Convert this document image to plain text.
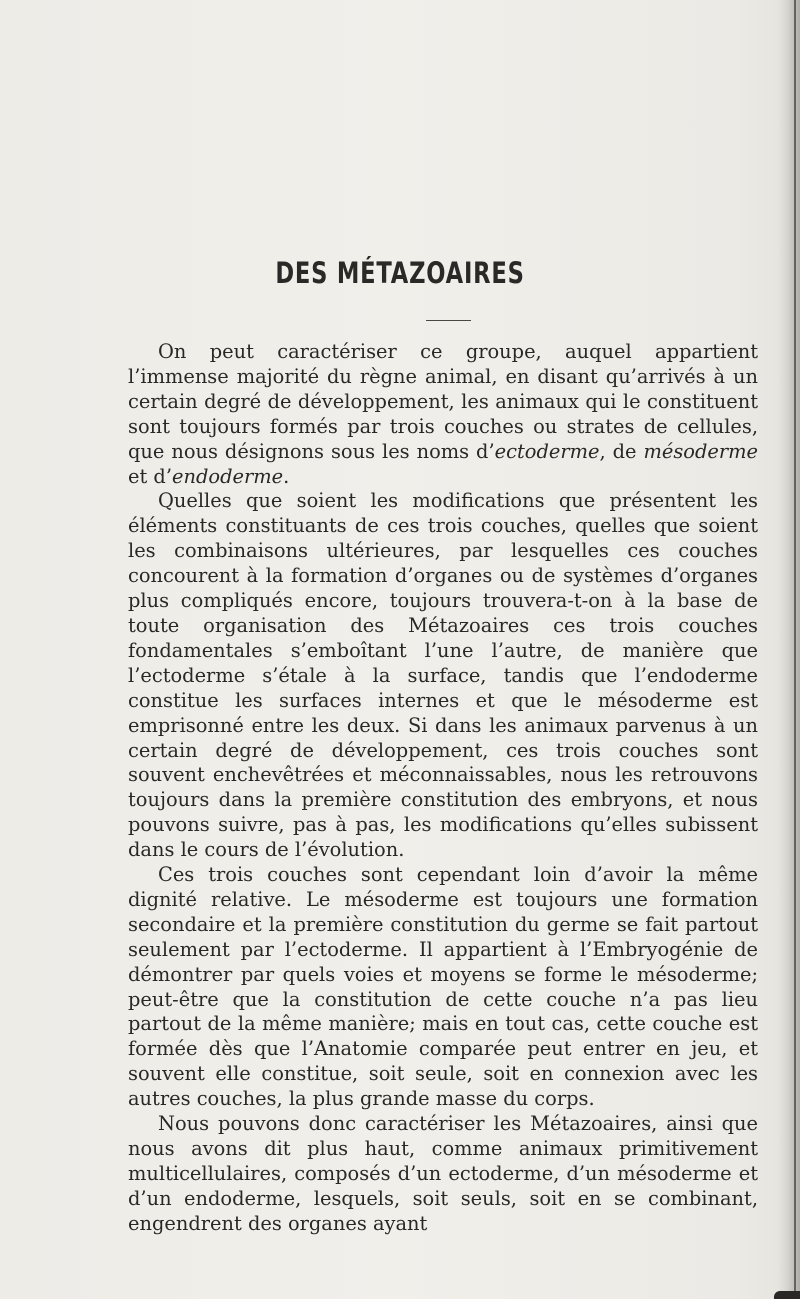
DES MÉTAZOAIRES

On peut caractériser ce groupe, auquel appartient l’immense majorité du règne animal, en disant qu’arrivés à un certain degré de développement, les animaux qui le constituent sont toujours formés par trois couches ou strates de cellules, que nous désignons sous les noms d’ectoderme, de mésoderme et d’endoderme.

Quelles que soient les modifications que présentent les éléments constituants de ces trois couches, quelles que soient les combinaisons ultérieures, par lesquelles ces couches concourent à la formation d’organes ou de systèmes d’organes plus compliqués encore, toujours trouvera-t-on à la base de toute organisation des Métazoaires ces trois couches fondamentales s’emboîtant l’une l’autre, de manière que l’ectoderme s’étale à la surface, tandis que l’endoderme constitue les surfaces internes et que le mésoderme est emprisonné entre les deux. Si dans les animaux parvenus à un certain degré de développement, ces trois couches sont souvent enchevêtrées et méconnaissables, nous les retrouvons toujours dans la première constitution des embryons, et nous pouvons suivre, pas à pas, les modifications qu’elles subissent dans le cours de l’évolution.

Ces trois couches sont cependant loin d’avoir la même dignité relative. Le mésoderme est toujours une formation secondaire et la première constitution du germe se fait partout seulement par l’ectoderme. Il appartient à l’Embryogénie de démontrer par quels voies et moyens se forme le mésoderme; peut-être que la constitution de cette couche n’a pas lieu partout de la même manière; mais en tout cas, cette couche est formée dès que l’Anatomie comparée peut entrer en jeu, et souvent elle constitue, soit seule, soit en connexion avec les autres couches, la plus grande masse du corps.

Nous pouvons donc caractériser les Métazoaires, ainsi que nous avons dit plus haut, comme animaux primitivement multicellulaires, composés d’un ectoderme, d’un mésoderme et d’un endoderme, lesquels, soit seuls, soit en se combinant, engendrent des organes ayant
